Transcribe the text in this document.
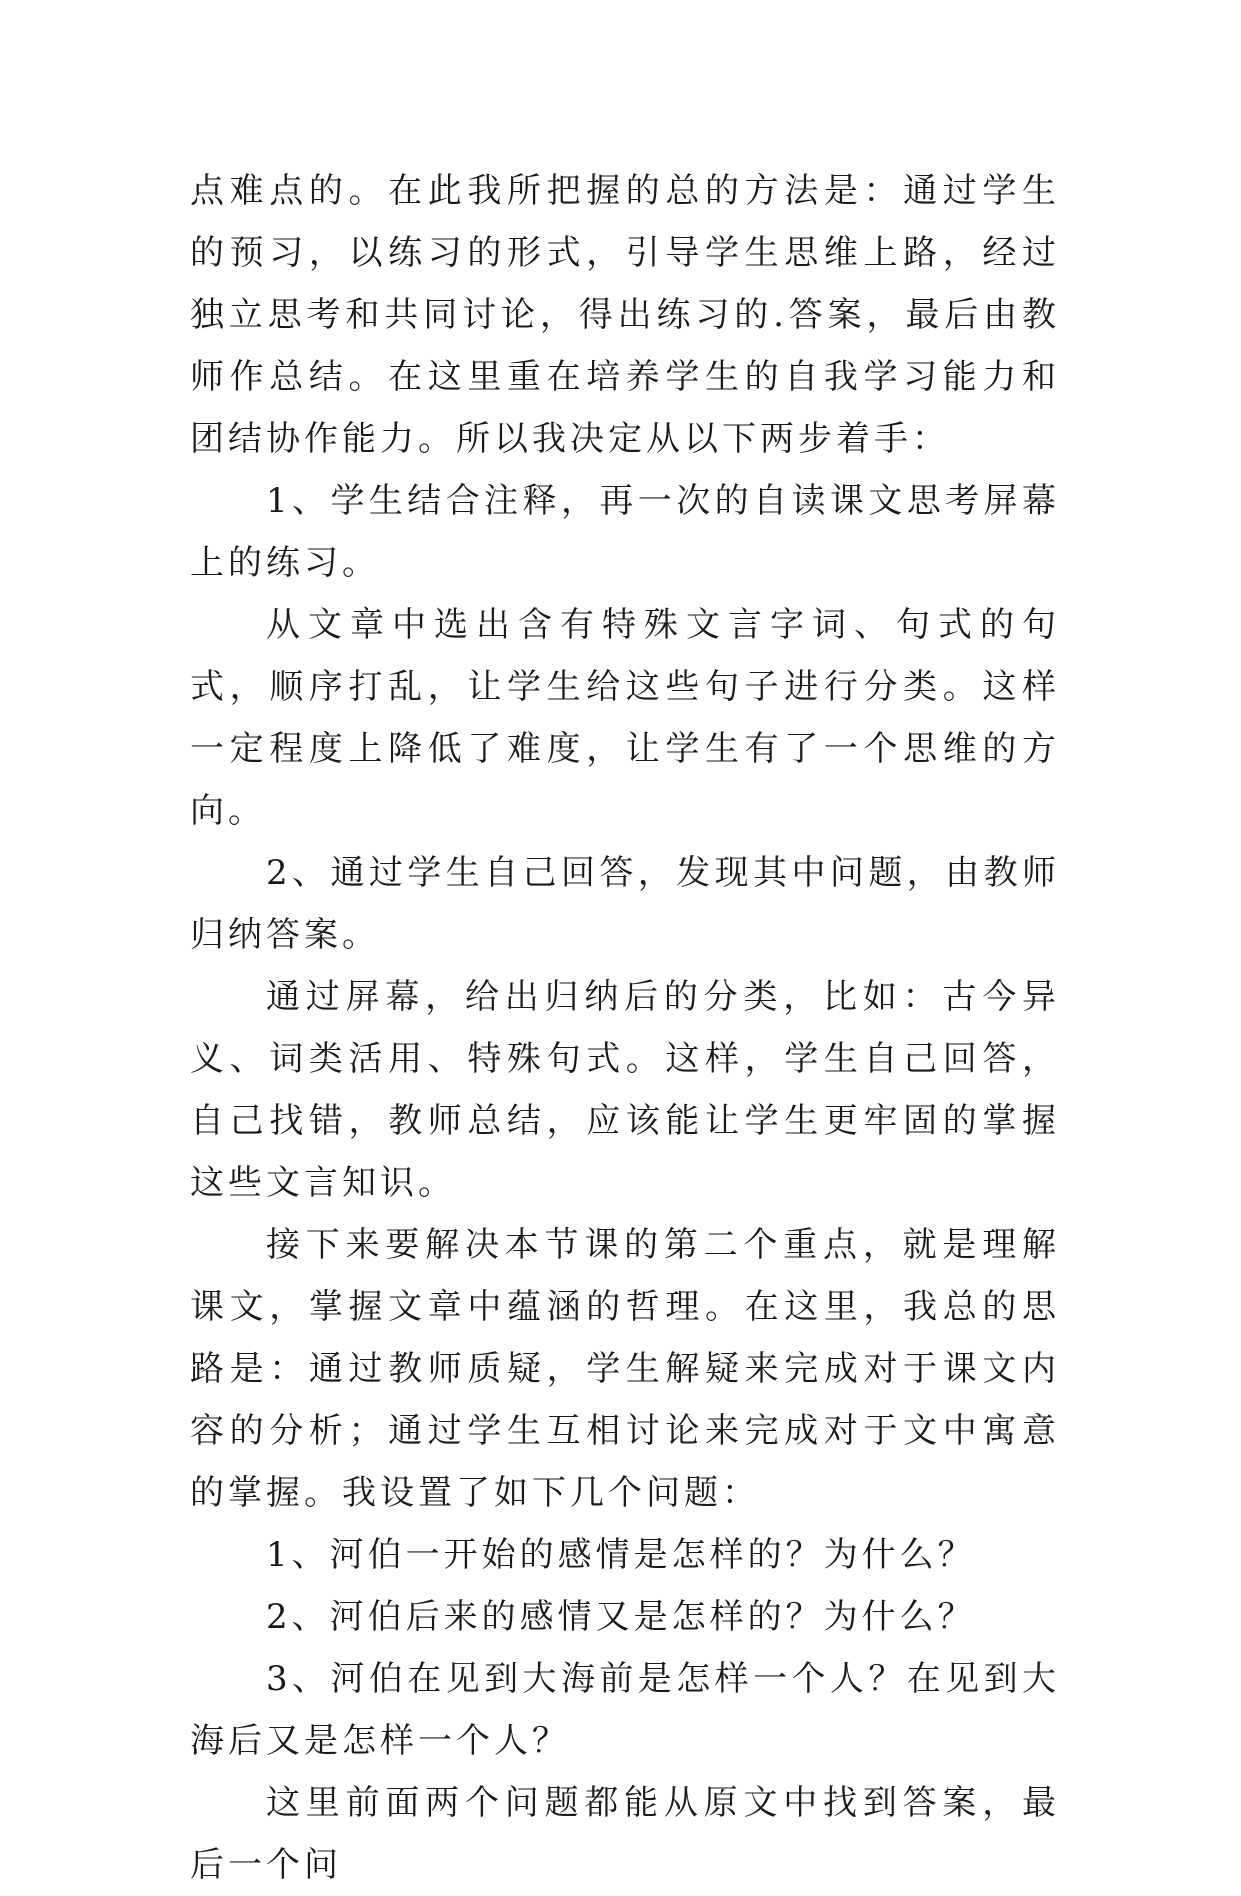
点难点的。在此我所把握的总的方法是：通过学生的预习，以练习的形式，引导学生思维上路，经过独立思考和共同讨论，得出练习的.答案，最后由教师作总结。在这里重在培养学生的自我学习能力和团结协作能力。所以我决定从以下两步着手：

1、学生结合注释，再一次的自读课文思考屏幕上的练习。

从文章中选出含有特殊文言字词、句式的句式，顺序打乱，让学生给这些句子进行分类。这样一定程度上降低了难度，让学生有了一个思维的方向。

2、通过学生自己回答，发现其中问题，由教师归纳答案。

通过屏幕，给出归纳后的分类，比如：古今异义、词类活用、特殊句式。这样，学生自己回答，自己找错，教师总结，应该能让学生更牢固的掌握这些文言知识。

接下来要解决本节课的第二个重点，就是理解课文，掌握文章中蕴涵的哲理。在这里，我总的思路是：通过教师质疑，学生解疑来完成对于课文内容的分析；通过学生互相讨论来完成对于文中寓意的掌握。我设置了如下几个问题：

1、河伯一开始的感情是怎样的？为什么？

2、河伯后来的感情又是怎样的？为什么？

3、河伯在见到大海前是怎样一个人？在见到大海后又是怎样一个人？

这里前面两个问题都能从原文中找到答案，最后一个问
